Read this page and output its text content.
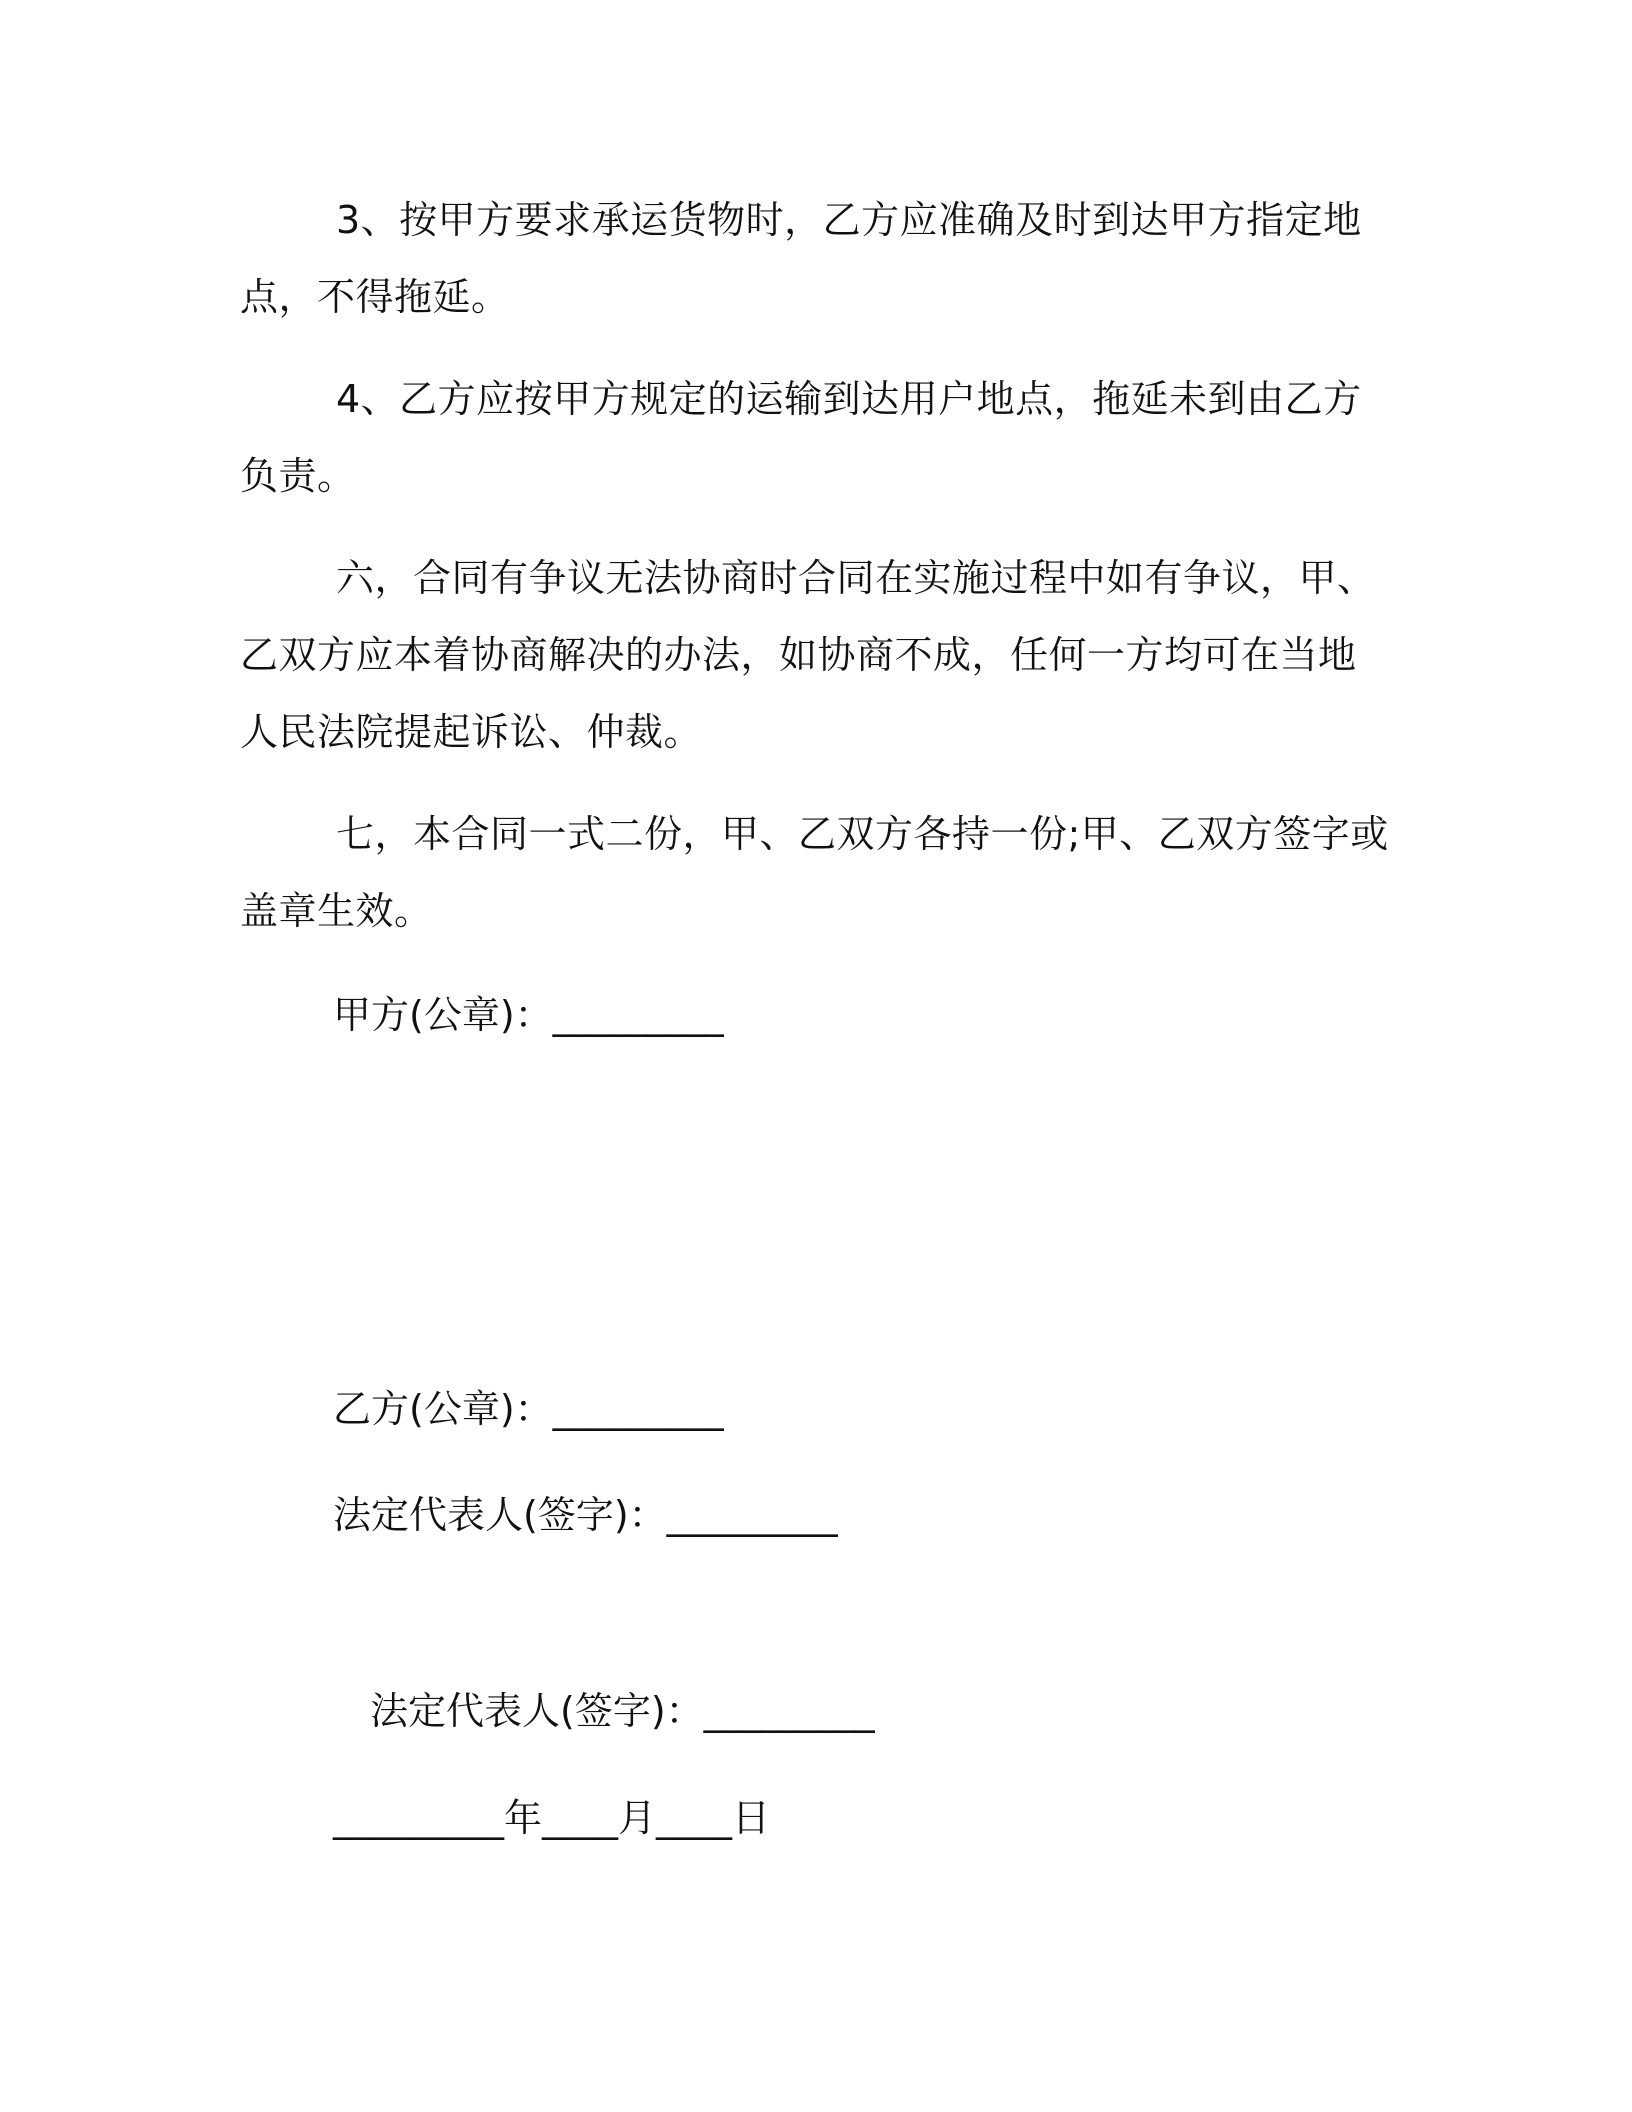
3、按甲方要求承运货物时，乙方应准确及时到达甲方指定地点，不得拖延。

4、乙方应按甲方规定的运输到达用户地点，拖延未到由乙方负责。

六，合同有争议无法协商时合同在实施过程中如有争议，甲、乙双方应本着协商解决的办法，如协商不成，任何一方均可在当地人民法院提起诉讼、仲裁。

七，本合同一式二份，甲、乙双方各持一份;甲、乙双方签字或盖章生效。

甲方(公章)：_________

乙方(公章)：_________

法定代表人(签字)：_________

法定代表人(签字)：_________

_________年____月____日
